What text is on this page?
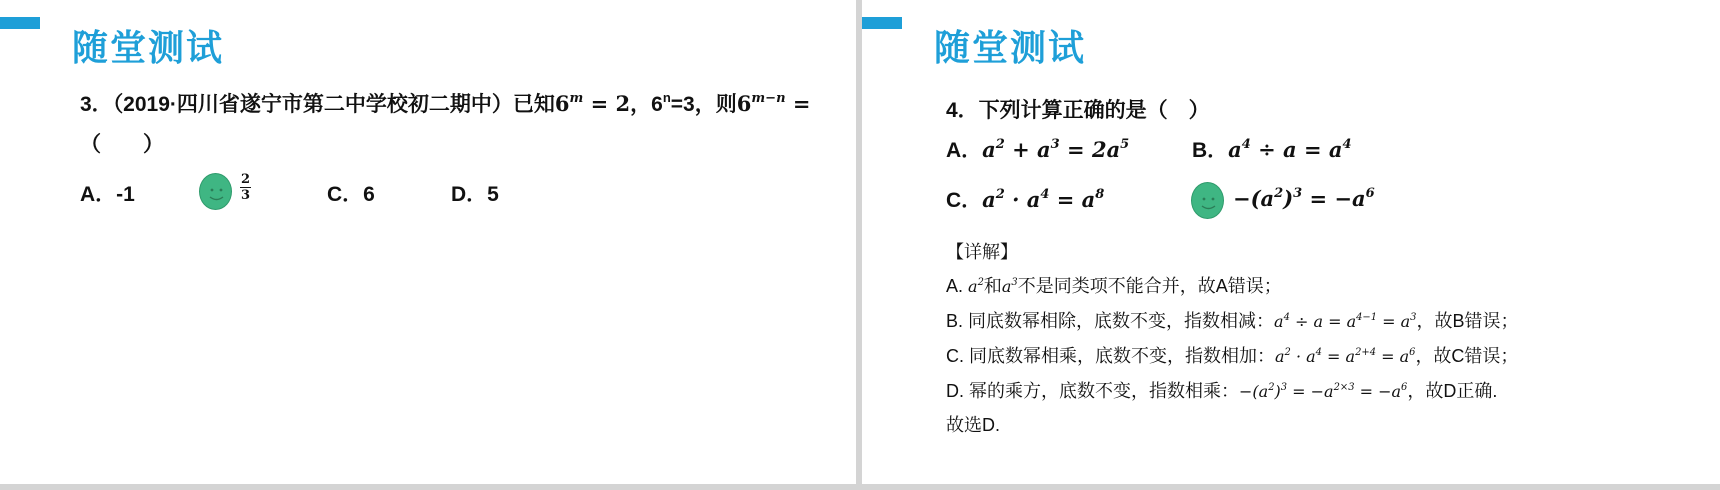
随堂测试
3．（2019·四川省遂宁市第二中学校初二期中）已知$6^m = 2$，$6^n=3$，则$6^{m-n}$ =
（　　）
A．-1	$\frac{2}{3}$	C．6	D．5
随堂测试
4．下列计算正确的是（　）
A．$a^2 + a^3 = 2a^5$	B．$a^4 \div a = a^4$
C．$a^2 \cdot a^4 = a^8$	$-(a^2)^3 = -a^6$
【详解】
A. $a^2$和$a^3$不是同类项不能合并，故A错误；
B. 同底数幂相除，底数不变，指数相减：$a^4 \div a = a^{4-1} = a^3$，故B错误；
C. 同底数幂相乘，底数不变，指数相加：$a^2 \cdot a^4 = a^{2+4} = a^6$，故C错误；
D. 幂的乘方，底数不变，指数相乘：$-(a^2)^3 = -a^{2\times 3} = -a^6$，故D正确.
故选D.
